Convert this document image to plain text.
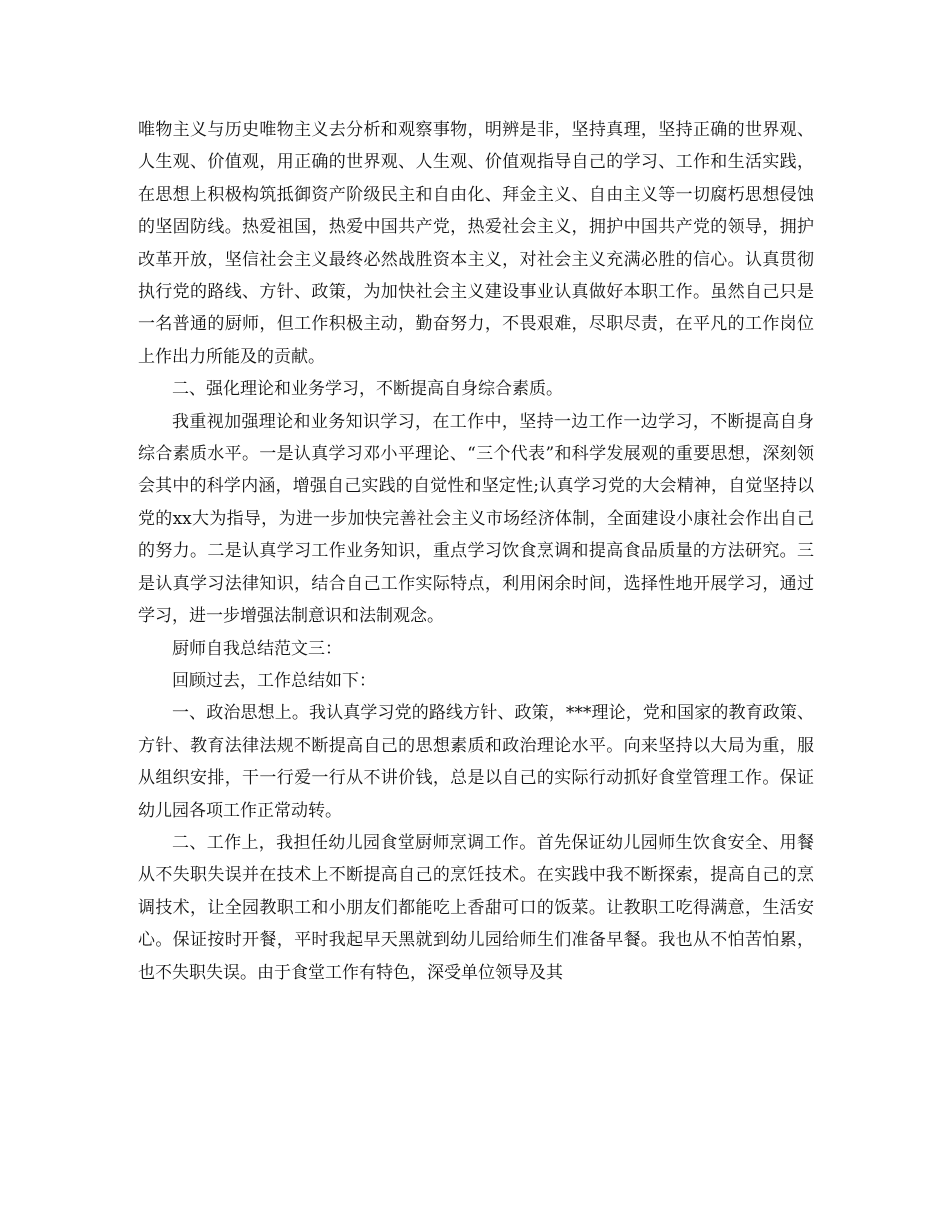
唯物主义与历史唯物主义去分析和观察事物，明辨是非，坚持真理，坚持正确的世界观、人生观、价值观，用正确的世界观、人生观、价值观指导自己的学习、工作和生活实践，在思想上积极构筑抵御资产阶级民主和自由化、拜金主义、自由主义等一切腐朽思想侵蚀的坚固防线。热爱祖国，热爱中国共产党，热爱社会主义，拥护中国共产党的领导，拥护改革开放，坚信社会主义最终必然战胜资本主义，对社会主义充满必胜的信心。认真贯彻执行党的路线、方针、政策，为加快社会主义建设事业认真做好本职工作。虽然自己只是一名普通的厨师，但工作积极主动，勤奋努力，不畏艰难，尽职尽责，在平凡的工作岗位上作出力所能及的贡献。

二、强化理论和业务学习，不断提高自身综合素质。

我重视加强理论和业务知识学习，在工作中，坚持一边工作一边学习，不断提高自身综合素质水平。一是认真学习邓小平理论、“三个代表”和科学发展观的重要思想，深刻领会其中的科学内涵，增强自己实践的自觉性和坚定性;认真学习党的大会精神，自觉坚持以党的xx大为指导，为进一步加快完善社会主义市场经济体制，全面建设小康社会作出自己的努力。二是认真学习工作业务知识，重点学习饮食烹调和提高食品质量的方法研究。三是认真学习法律知识，结合自己工作实际特点，利用闲余时间，选择性地开展学习，通过学习，进一步增强法制意识和法制观念。

厨师自我总结范文三：

回顾过去，工作总结如下：

一、政治思想上。我认真学习党的路线方针、政策，***理论，党和国家的教育政策、方针、教育法律法规不断提高自己的思想素质和政治理论水平。向来坚持以大局为重，服从组织安排，干一行爱一行从不讲价钱，总是以自己的实际行动抓好食堂管理工作。保证幼儿园各项工作正常动转。

二、工作上，我担任幼儿园食堂厨师烹调工作。首先保证幼儿园师生饮食安全、用餐从不失职失误并在技术上不断提高自己的烹饪技术。在实践中我不断探索，提高自己的烹调技术，让全园教职工和小朋友们都能吃上香甜可口的饭菜。让教职工吃得满意，生活安心。保证按时开餐，平时我起早天黑就到幼儿园给师生们准备早餐。我也从不怕苦怕累，也不失职失误。由于食堂工作有特色，深受单位领导及其
